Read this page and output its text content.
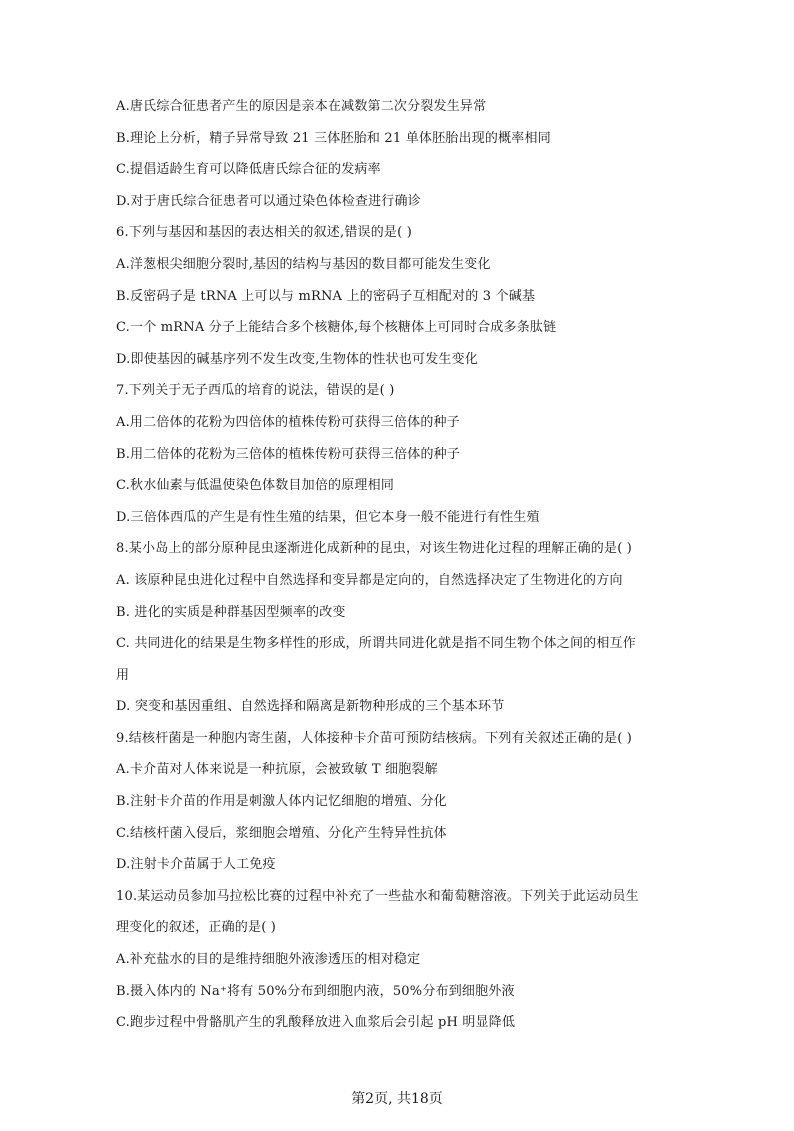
A.唐氏综合征患者产生的原因是亲本在减数第二次分裂发生异常
B.理论上分析，精子异常导致 21 三体胚胎和 21 单体胚胎出现的概率相同
C.提倡适龄生育可以降低唐氏综合征的发病率
D.对于唐氏综合征患者可以通过染色体检查进行确诊
6.下列与基因和基因的表达相关的叙述,错误的是( )
A.洋葱根尖细胞分裂时,基因的结构与基因的数目都可能发生变化
B.反密码子是 tRNA 上可以与 mRNA 上的密码子互相配对的 3 个碱基
C.一个 mRNA 分子上能结合多个核糖体,每个核糖体上可同时合成多条肽链
D.即使基因的碱基序列不发生改变,生物体的性状也可发生变化
7.下列关于无子西瓜的培育的说法，错误的是( )
A.用二倍体的花粉为四倍体的植株传粉可获得三倍体的种子
B.用二倍体的花粉为三倍体的植株传粉可获得三倍体的种子
C.秋水仙素与低温使染色体数目加倍的原理相同
D.三倍体西瓜的产生是有性生殖的结果，但它本身一般不能进行有性生殖
8.某小岛上的部分原种昆虫逐渐进化成新种的昆虫，对该生物进化过程的理解正确的是( )
A. 该原种昆虫进化过程中自然选择和变异都是定向的，自然选择决定了生物进化的方向
B. 进化的实质是种群基因型频率的改变
C. 共同进化的结果是生物多样性的形成，所谓共同进化就是指不同生物个体之间的相互作
用
D. 突变和基因重组、自然选择和隔离是新物种形成的三个基本环节
9.结核杆菌是一种胞内寄生菌，人体接种卡介苗可预防结核病。下列有关叙述正确的是( )
A.卡介苗对人体来说是一种抗原，会被致敏 T 细胞裂解
B.注射卡介苗的作用是刺激人体内记忆细胞的增殖、分化
C.结核杆菌入侵后，浆细胞会增殖、分化产生特异性抗体
D.注射卡介苗属于人工免疫
10.某运动员参加马拉松比赛的过程中补充了一些盐水和葡萄糖溶液。下列关于此运动员生
理变化的叙述，正确的是( )
A.补充盐水的目的是维持细胞外液渗透压的相对稳定
B.摄入体内的 Na⁺将有 50%分布到细胞内液，50%分布到细胞外液
C.跑步过程中骨骼肌产生的乳酸释放进入血浆后会引起 pH 明显降低
第2页, 共18页
